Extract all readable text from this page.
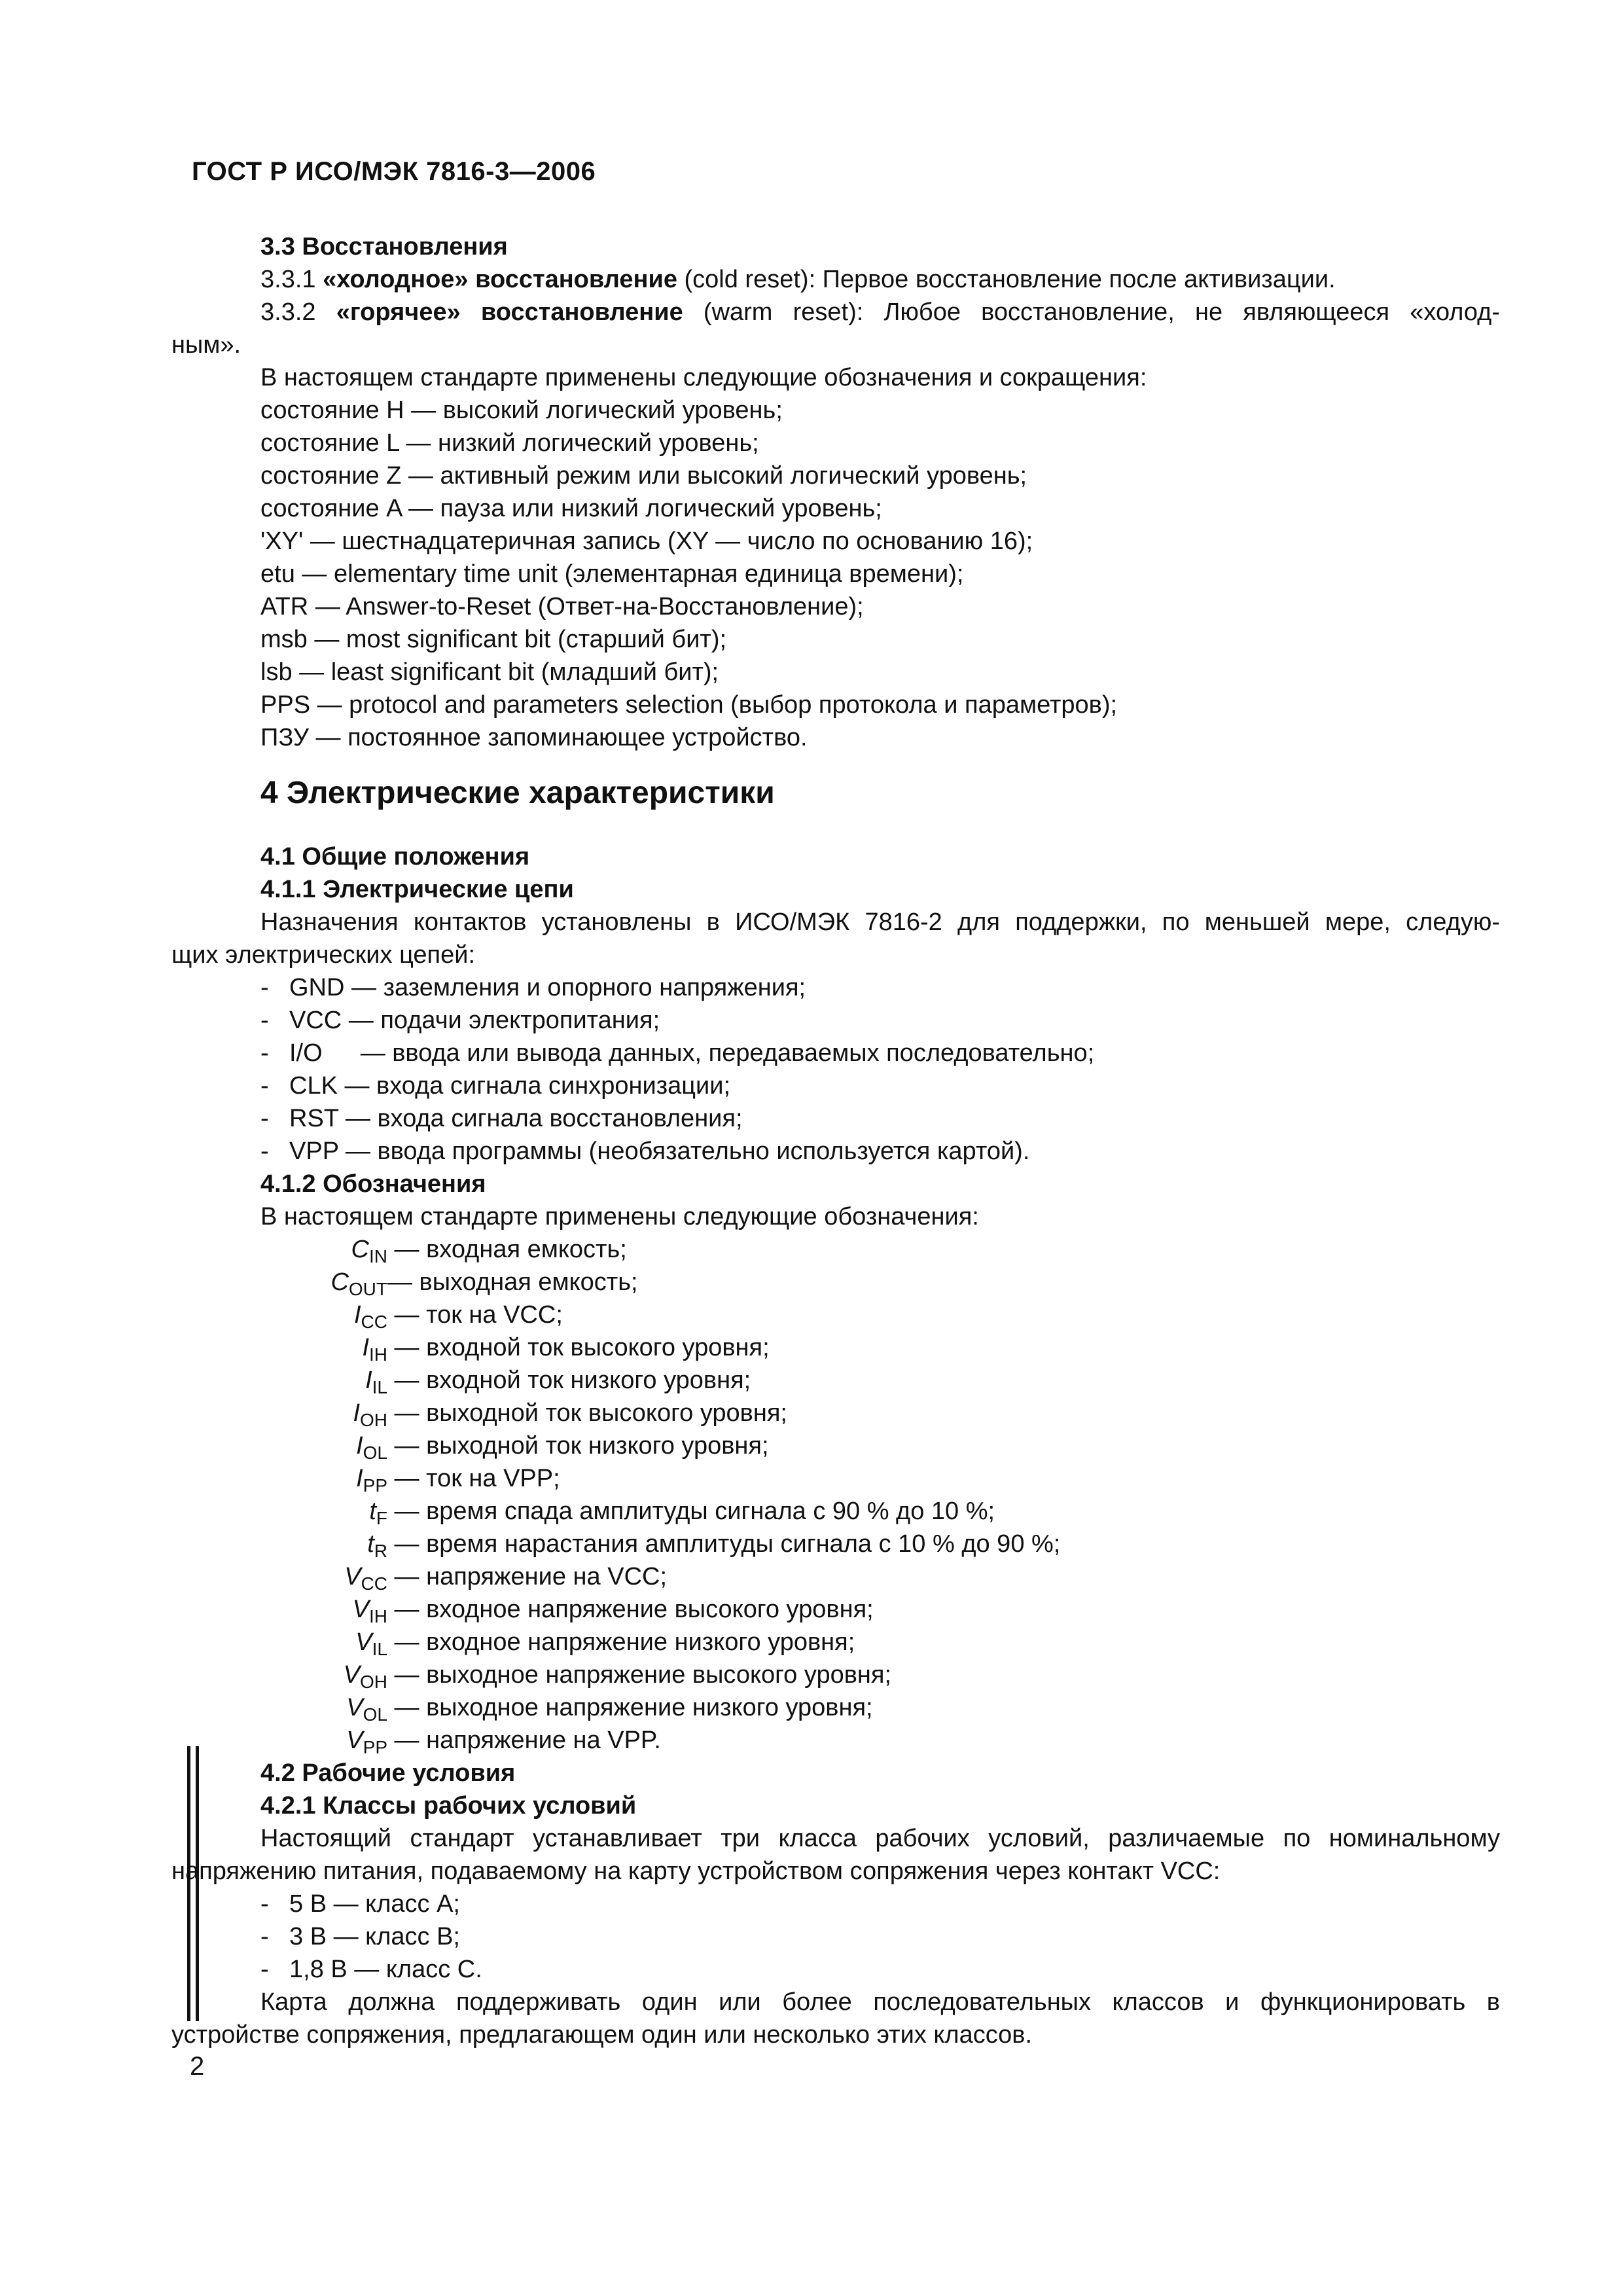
ГОСТ Р ИСО/МЭК 7816-3—2006
3.3 Восстановления
3.3.1 «холодное» восстановление (cold reset): Первое восстановление после активизации.
3.3.2 «горячее» восстановление (warm reset): Любое восстановление, не являющееся «холод-
ным».
В настоящем стандарте применены следующие обозначения и сокращения:
состояние H — высокий логический уровень;
состояние L — низкий логический уровень;
состояние Z — активный режим или высокий логический уровень;
состояние A — пауза или низкий логический уровень;
'XY' — шестнадцатеричная запись (XY — число по основанию 16);
etu — elementary time unit (элементарная единица времени);
ATR — Answer-to-Reset (Ответ-на-Восстановление);
msb — most significant bit (старший бит);
lsb — least significant bit (младший бит);
PPS — protocol and parameters selection (выбор протокола и параметров);
ПЗУ — постоянное запоминающее устройство.
4 Электрические характеристики
4.1 Общие положения
4.1.1 Электрические цепи
Назначения контактов установлены в ИСО/МЭК 7816-2 для поддержки, по меньшей мере, следую-
щих электрических цепей:
- GND — заземления и опорного напряжения;
- VCC — подачи электропитания;
- I/O — ввода или вывода данных, передаваемых последовательно;
- CLK — входа сигнала синхронизации;
- RST — входа сигнала восстановления;
- VPP — ввода программы (необязательно используется картой).
4.1.2 Обозначения
В настоящем стандарте применены следующие обозначения:
$C_{IN}$ — входная емкость;
$C_{OUT}—$ выходная емкость;
$I_{CC}$ — ток на VCC;
$I_{IH}$ — входной ток высокого уровня;
$I_{IL}$ — входной ток низкого уровня;
$I_{OH}$ — выходной ток высокого уровня;
$I_{OL}$ — выходной ток низкого уровня;
$I_{PP}$ — ток на VPP;
$t_F$ — время спада амплитуды сигнала с 90 % до 10 %;
$t_R$ — время нарастания амплитуды сигнала с 10 % до 90 %;
$V_{CC}$ — напряжение на VCC;
$V_{IH}$ — входное напряжение высокого уровня;
$V_{IL}$ — входное напряжение низкого уровня;
$V_{OH}$ — выходное напряжение высокого уровня;
$V_{OL}$ — выходное напряжение низкого уровня;
$V_{PP}$ — напряжение на VPP.
4.2 Рабочие условия
4.2.1 Классы рабочих условий
Настоящий стандарт устанавливает три класса рабочих условий, различаемые по номинальному
напряжению питания, подаваемому на карту устройством сопряжения через контакт VCC:
- 5 В — класс A;
- 3 В — класс B;
- 1,8 В — класс C.
Карта должна поддерживать один или более последовательных классов и функционировать в
устройстве сопряжения, предлагающем один или несколько этих классов.
2
